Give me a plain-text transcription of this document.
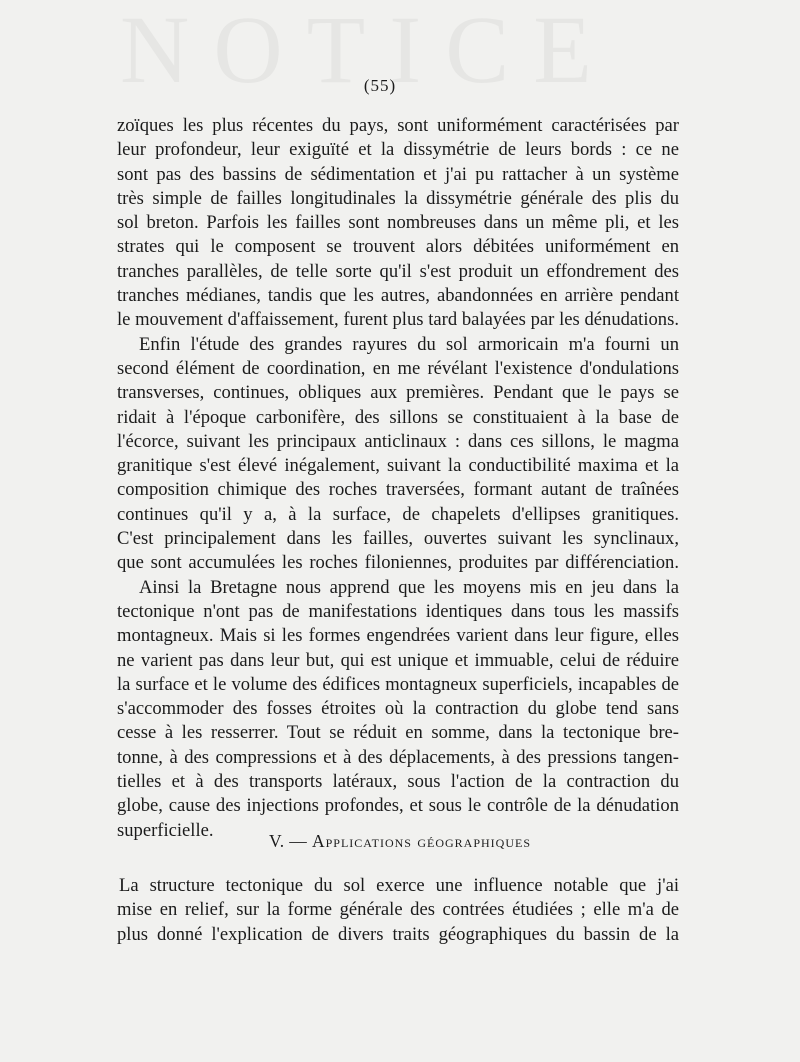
(55)
zoïques les plus récentes du pays, sont uniformément caractérisées par
leur profondeur, leur exiguïté et la dissymétrie de leurs bords : ce ne
sont pas des bassins de sédimentation et j'ai pu rattacher à un système
très simple de failles longitudinales la dissymétrie générale des plis du
sol breton. Parfois les failles sont nombreuses dans un même pli, et les
strates qui le composent se trouvent alors débitées uniformément en
tranches parallèles, de telle sorte qu'il s'est produit un effondrement des
tranches médianes, tandis que les autres, abandonnées en arrière pendant
le mouvement d'affaissement, furent plus tard balayées par les dénudations.
Enfin l'étude des grandes rayures du sol armoricain m'a fourni un
second élément de coordination, en me révélant l'existence d'ondulations
transverses, continues, obliques aux premières. Pendant que le pays se
ridait à l'époque carbonifère, des sillons se constituaient à la base de
l'écorce, suivant les principaux anticlinaux : dans ces sillons, le magma
granitique s'est élevé inégalement, suivant la conductibilité maxima et la
composition chimique des roches traversées, formant autant de traînées
continues qu'il y a, à la surface, de chapelets d'ellipses granitiques.
C'est principalement dans les failles, ouvertes suivant les synclinaux,
que sont accumulées les roches filoniennes, produites par différenciation.
Ainsi la Bretagne nous apprend que les moyens mis en jeu dans la
tectonique n'ont pas de manifestations identiques dans tous les massifs
montagneux. Mais si les formes engendrées varient dans leur figure, elles
ne varient pas dans leur but, qui est unique et immuable, celui de réduire
la surface et le volume des édifices montagneux superficiels, incapables de
s'accommoder des fosses étroites où la contraction du globe tend sans
cesse à les resserrer. Tout se réduit en somme, dans la tectonique bre-
tonne, à des compressions et à des déplacements, à des pressions tangen-
tielles et à des transports latéraux, sous l'action de la contraction du
globe, cause des injections profondes, et sous le contrôle de la dénudation
superficielle.
V. — Applications géographiques
La structure tectonique du sol exerce une influence notable que j'ai
mise en relief, sur la forme générale des contrées étudiées ; elle m'a de
plus donné l'explication de divers traits géographiques du bassin de la
